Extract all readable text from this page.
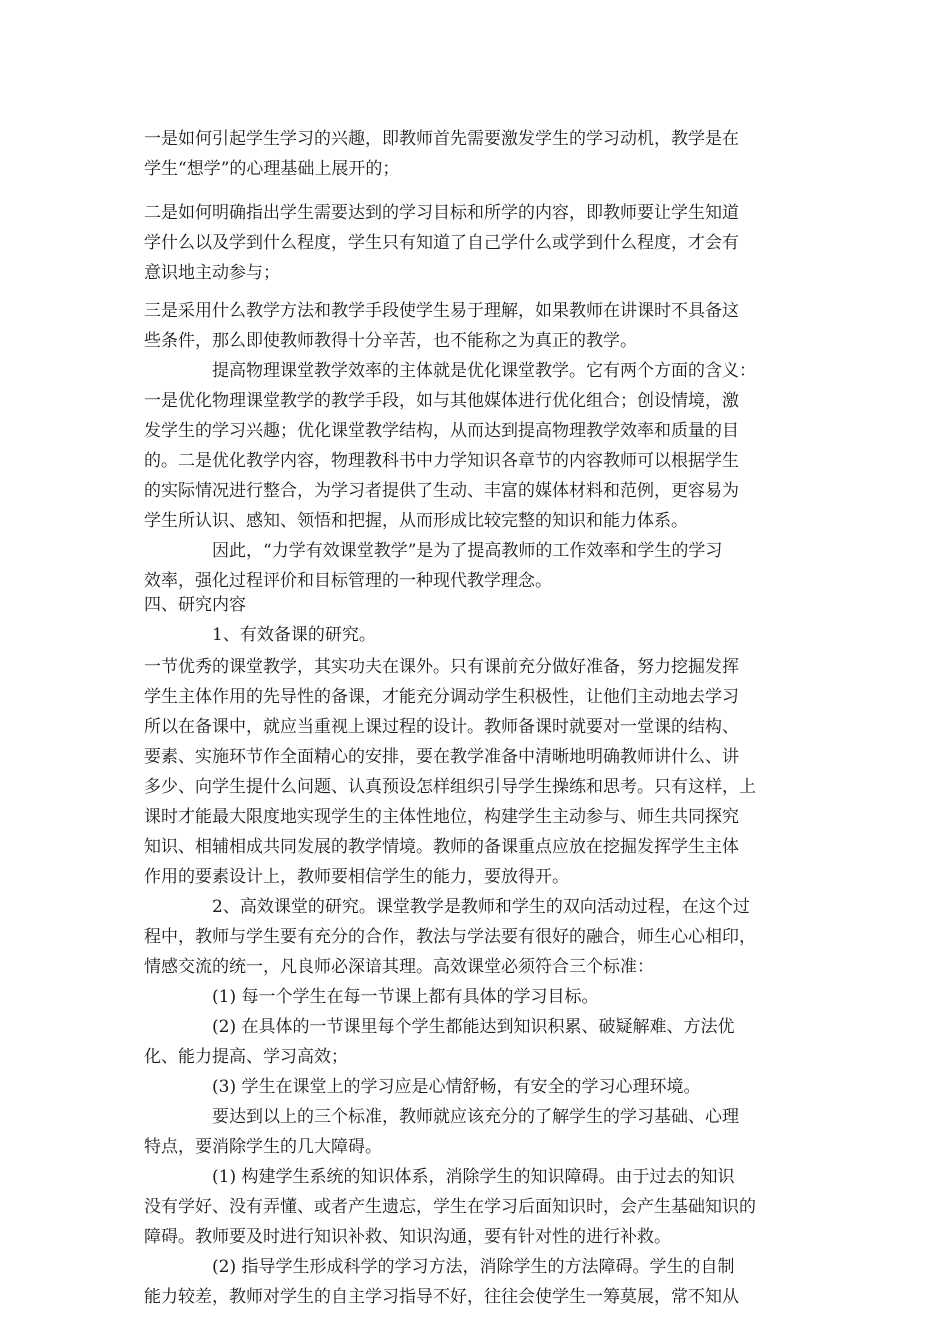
一是如何引起学生学习的兴趣，即教师首先需要激发学生的学习动机，教学是在
学生“想学”的心理基础上展开的；
二是如何明确指出学生需要达到的学习目标和所学的内容，即教师要让学生知道
学什么以及学到什么程度，学生只有知道了自己学什么或学到什么程度，才会有
意识地主动参与；
三是采用什么教学方法和教学手段使学生易于理解，如果教师在讲课时不具备这
些条件，那么即使教师教得十分辛苦，也不能称之为真正的教学。
提高物理课堂教学效率的主体就是优化课堂教学。它有两个方面的含义：
一是优化物理课堂教学的教学手段，如与其他媒体进行优化组合；创设情境，激
发学生的学习兴趣；优化课堂教学结构，从而达到提高物理教学效率和质量的目
的。二是优化教学内容，物理教科书中力学知识各章节的内容教师可以根据学生
的实际情况进行整合，为学习者提供了生动、丰富的媒体材料和范例，更容易为
学生所认识、感知、领悟和把握，从而形成比较完整的知识和能力体系。
因此，“力学有效课堂教学”是为了提高教师的工作效率和学生的学习
效率，强化过程评价和目标管理的一种现代教学理念。
四、研究内容
1、有效备课的研究。
一节优秀的课堂教学，其实功夫在课外。只有课前充分做好准备，努力挖掘发挥
学生主体作用的先导性的备课，才能充分调动学生积极性，让他们主动地去学习
所以在备课中，就应当重视上课过程的设计。教师备课时就要对一堂课的结构、
要素、实施环节作全面精心的安排，要在教学准备中清晰地明确教师讲什么、讲
多少、向学生提什么问题、认真预设怎样组织引导学生操练和思考。只有这样，上
课时才能最大限度地实现学生的主体性地位，构建学生主动参与、师生共同探究
知识、相辅相成共同发展的教学情境。教师的备课重点应放在挖掘发挥学生主体
作用的要素设计上，教师要相信学生的能力，要放得开。
2、高效课堂的研究。课堂教学是教师和学生的双向活动过程，在这个过
程中，教师与学生要有充分的合作，教法与学法要有很好的融合，师生心心相印，
情感交流的统一，凡良师必深谙其理。高效课堂必须符合三个标准：
(1) 每一个学生在每一节课上都有具体的学习目标。
(2) 在具体的一节课里每个学生都能达到知识积累、破疑解难、方法优
化、能力提高、学习高效；
(3) 学生在课堂上的学习应是心情舒畅，有安全的学习心理环境。
要达到以上的三个标准，教师就应该充分的了解学生的学习基础、心理
特点，要消除学生的几大障碍。
(1) 构建学生系统的知识体系，消除学生的知识障碍。由于过去的知识
没有学好、没有弄懂、或者产生遗忘，学生在学习后面知识时，会产生基础知识的
障碍。教师要及时进行知识补救、知识沟通，要有针对性的进行补救。
(2) 指导学生形成科学的学习方法，消除学生的方法障碍。学生的自制
能力较差，教师对学生的自主学习指导不好，往往会使学生一筹莫展，常不知从
